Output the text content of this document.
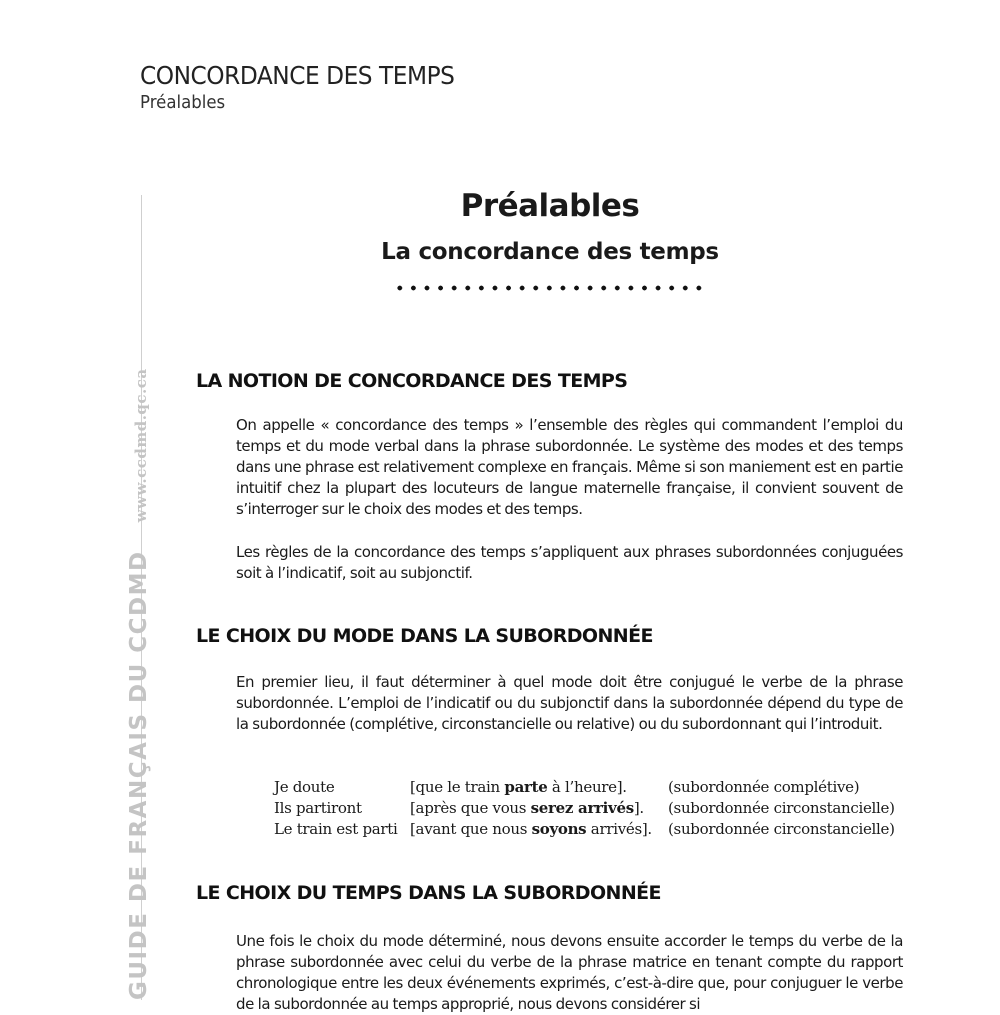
CONCORDANCE DES TEMPS
Préalables
GUIDE DE FRANÇAIS DU CCDMDwww.ccdmd.qc.ca
Préalables
La concordance des temps
LA NOTION DE CONCORDANCE DES TEMPS

On appelle « concordance des temps » l’ensemble des règles qui commandent l’emploi du temps et du mode verbal dans la phrase subordonnée. Le système des modes et des temps dans une phrase est relativement complexe en français. Même si son maniement est en partie intuitif chez la plupart des locuteurs de langue maternelle française, il convient souvent de s’interroger sur le choix des modes et des temps.

Les règles de la concordance des temps s’appliquent aux phrases subordonnées conjuguées soit à l’indicatif, soit au subjonctif.

LE CHOIX DU MODE DANS LA SUBORDONNÉE

En premier lieu, il faut déterminer à quel mode doit être conjugué le verbe de la phrase subordonnée. L’emploi de l’indicatif ou du subjonctif dans la subordonnée dépend du type de la subordonnée (complétive, circonstancielle ou relative) ou du subordonnant qui l’introduit.

Je doute	[que le train parte à l’heure].	(subordonnée complétive)
Ils partiront	[après que vous serez arrivés]. (subordonnée circonstancielle)
Le train est parti [avant que nous soyons arrivés]. (subordonnée circonstancielle)
LE CHOIX DU TEMPS DANS LA SUBORDONNÉE

Une fois le choix du mode déterminé, nous devons ensuite accorder le temps du verbe de la phrase subordonnée avec celui du verbe de la phrase matrice en tenant compte du rapport chronologique entre les deux événements exprimés, c’est-à-dire que, pour conjuguer le verbe de la subordonnée au temps approprié, nous devons considérer si
